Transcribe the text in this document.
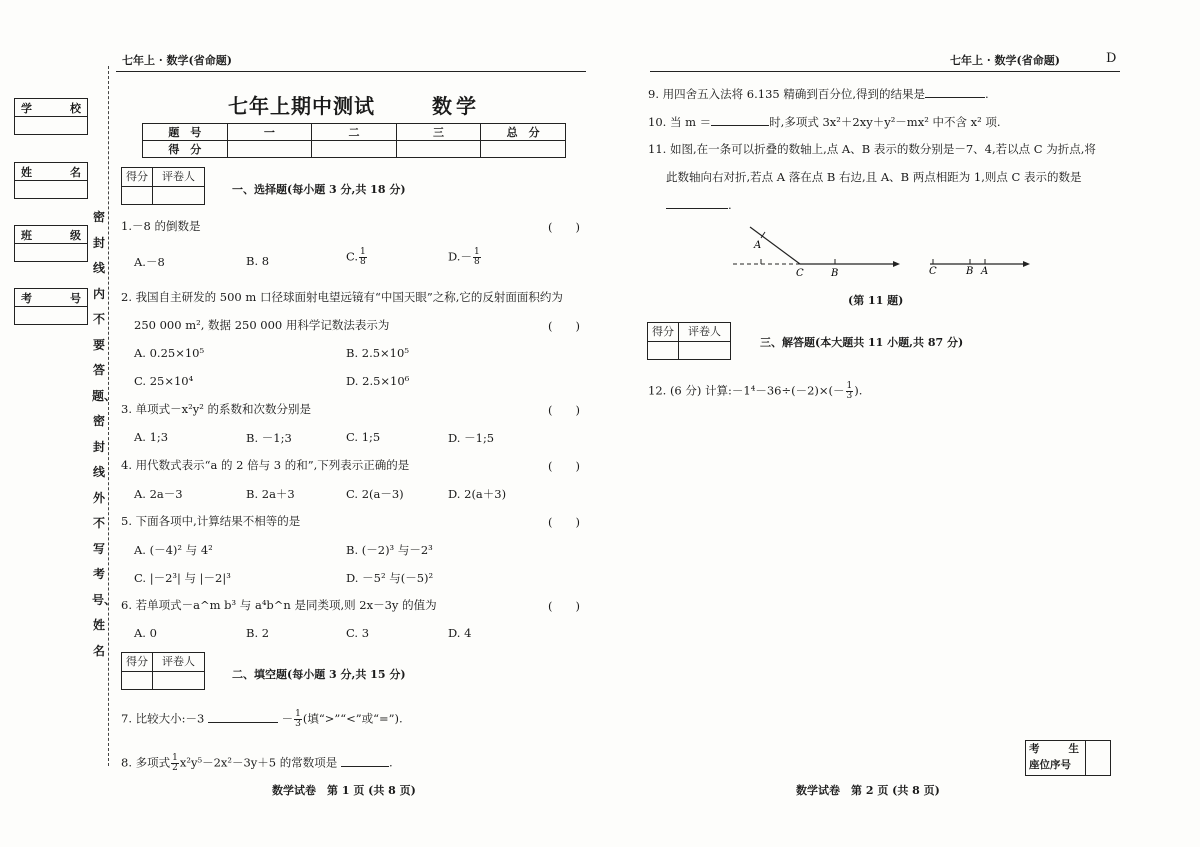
七年上 · 数学(省命题)	七年上 · 数学(省命题)	D
学	校
姓	名
班	级
考	号
密封线内不要答题、密封线外不写考号、姓名
七年上期中测试	数学
题　号	一	二	三	总　分
得　分				
得分	评卷人
一、选择题(每小题 3 分,共 18 分)
1.－8 的倒数是	(　　)
A.－8	B. 8	C. $\frac{1}{8}$	$D.- \frac{1}{8}$
2. 我国自主研发的 500 m 口径球面射电望远镜有“中国天眼”之称,它的反射面面积约为
250 000 m², 数据 250 000 用科学记数法表示为	(　　)
A. 0.25×10⁵	B. 2.5×10⁵
C. 25×10⁴	D. 2.5×10⁶
3. 单项式－x²y² 的系数和次数分别是	(　　)
A. 1;3	B. －1;3	C. 1;5	D. －1;5
4. 用代数式表示“a 的 2 倍与 3 的和”,下列表示正确的是	(　　)
A. 2a－3	B. 2a＋3	C. 2(a－3)	D. 2(a＋3)
5. 下面各项中,计算结果不相等的是	(　　)
A. (－4)² 与 4²	B. (－2)³ 与－2³
C. |－2³| 与 |－2|³	D. －5² 与(－5)²
6. 若单项式－a^m b³ 与 a⁴b^n 是同类项,则 2x－3y 的值为	(　　)
A. 0	B. 2	C. 3	D. 4
得分	评卷人
二、填空题(每小题 3 分,共 15 分)
7. 比较大小:－3	－ $\frac{1}{3}$ (填“>”“<”或“=”).
8. 多项式 $\frac{1}{2} x^2y^5-2x^2-3y+5$ 的常数项是	.
数学试卷　第 1 页 (共 8 页)
9. 用四舍五入法将 6.135 精确到百分位,得到的结果是	.
10. 当 m ＝	时,多项式 3x²＋2xy＋y²－mx² 中不含 x² 项.
11. 如图,在一条可以折叠的数轴上,点 A、B 表示的数分别是－7、4,若以点 C 为折点,将
此数轴向右对折,若点 A 落在点 B 右边,且 A、B 两点相距为 1,则点 C 表示的数是
.
A
C	B	C	B A
(第 11 题)
得分	评卷人
三、解答题(本大题共 11 小题,共 87 分)
12. (6 分) 计算:－1⁴－36÷(－2)×(－ $\frac{1}{3}$ ).
考	生
座位序号
数学试卷　第 2 页 (共 8 页)
